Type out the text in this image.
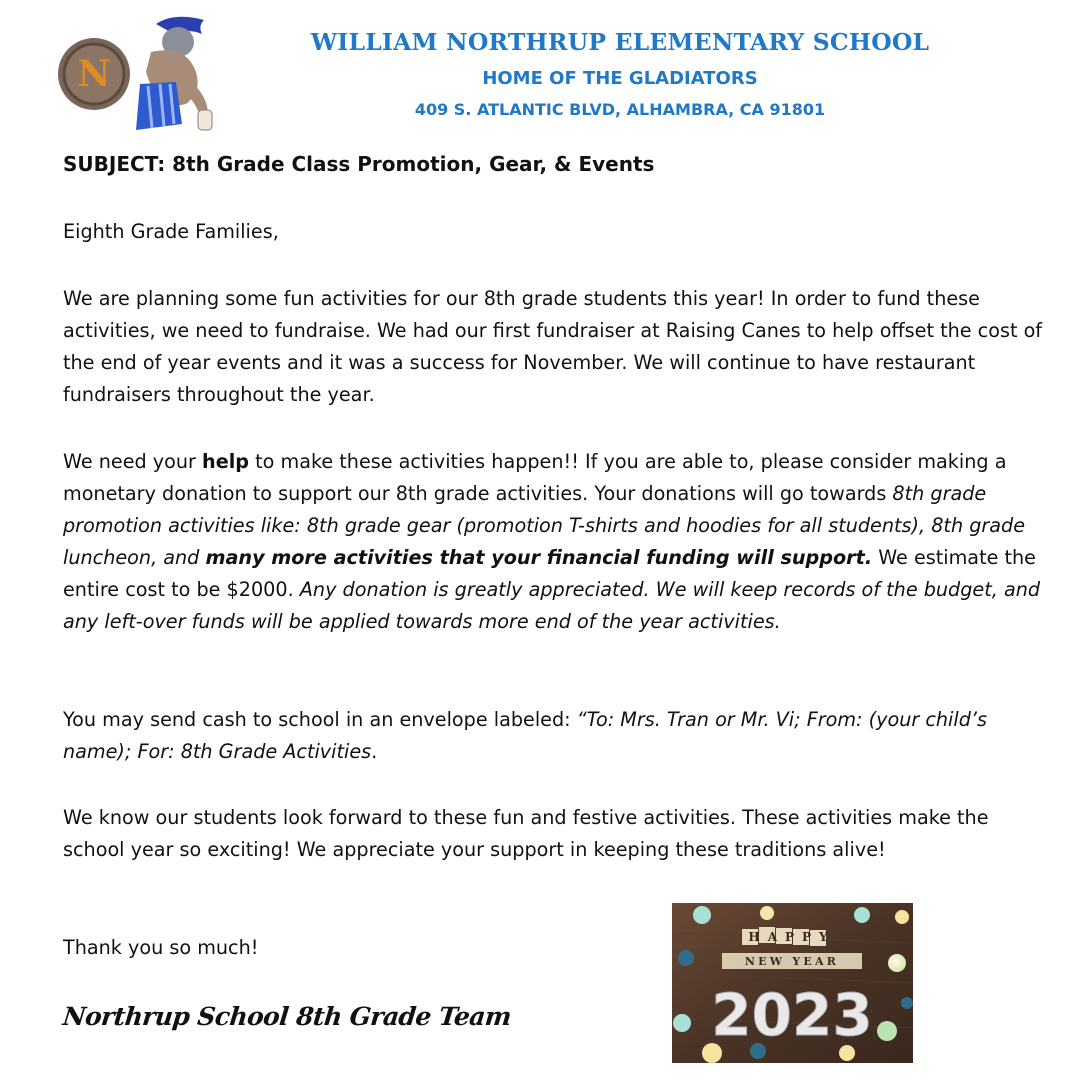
N
WILLIAM NORTHRUP ELEMENTARY SCHOOL
HOME OF THE GLADIATORS
409 S. ATLANTIC BLVD, ALHAMBRA, CA 91801
SUBJECT: 8th Grade Class Promotion, Gear, & Events
Eighth Grade Families,

We are planning some fun activities for our 8th grade students this year! In order to fund these activities, we need to fundraise. We had our first fundraiser at Raising Canes to help offset the cost of the end of year events and it was a success for November. We will continue to have restaurant fundraisers throughout the year.

We need your help to make these activities happen!! If you are able to, please consider making a monetary donation to support our 8th grade activities. Your donations will go towards 8th grade promotion activities like: 8th grade gear (promotion T-shirts and hoodies for all students), 8th grade luncheon, and many more activities that your financial funding will support. We estimate the entire cost to be $2000. Any donation is greatly appreciated. We will keep records of the budget, and any left-over funds will be applied towards more end of the year activities.

You may send cash to school in an envelope labeled: “To: Mrs. Tran or Mr. Vi; From: (your child’s name); For: 8th Grade Activities.

We know our students look forward to these fun and festive activities. These activities make the school year so exciting! We appreciate your support in keeping these traditions alive!

Thank you so much!
Northrup School 8th Grade Team
HAPPY
NEW YEAR
2023
